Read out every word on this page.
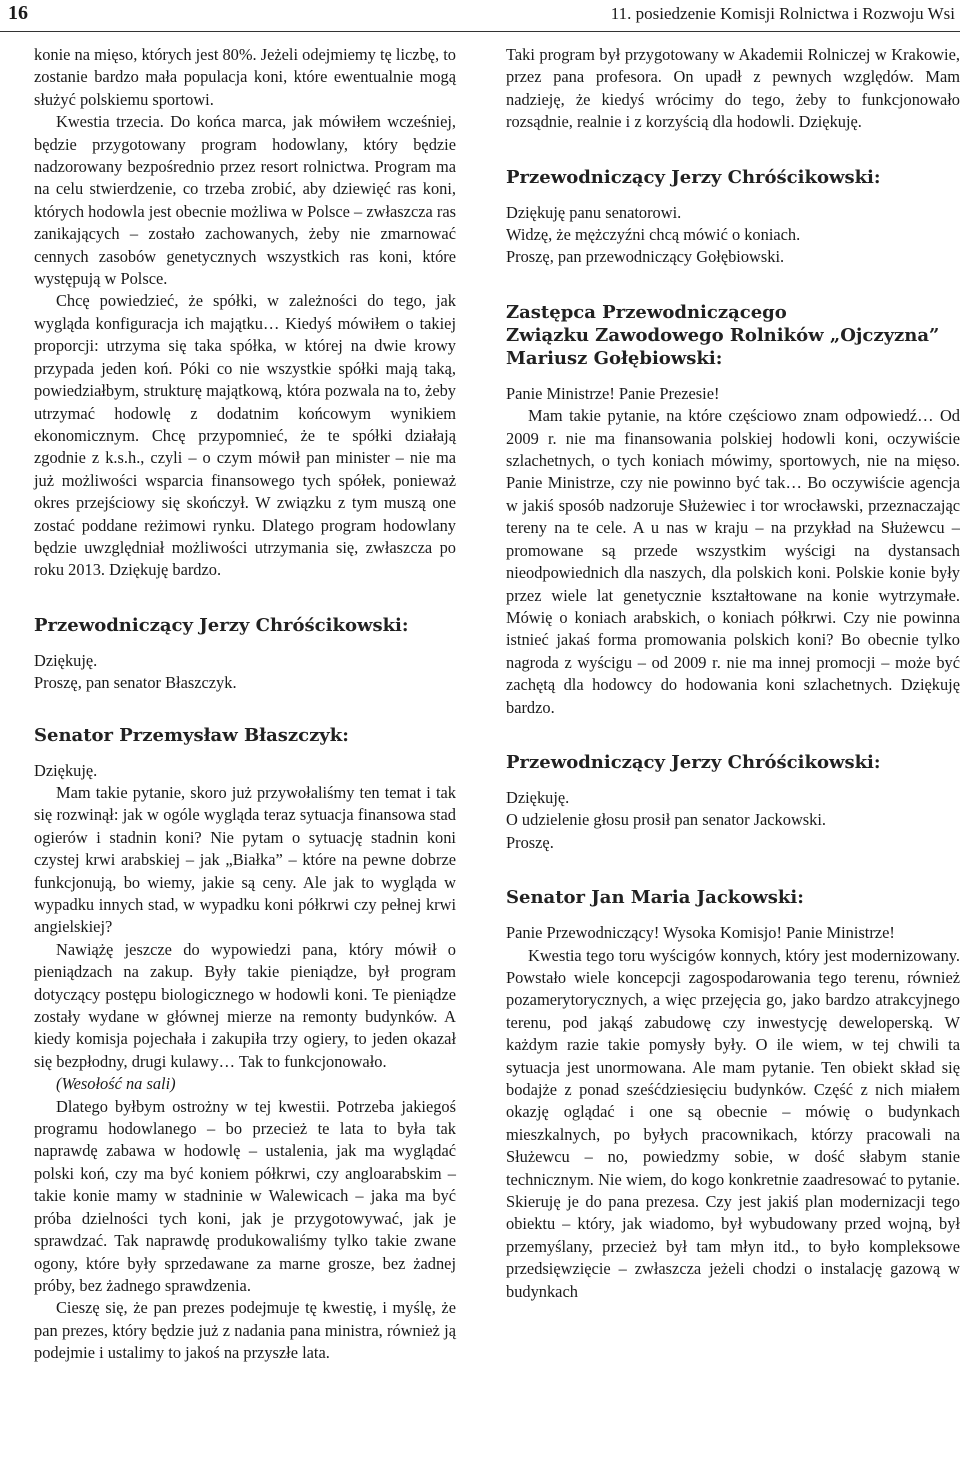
16	11. posiedzenie Komisji Rolnictwa i Rozwoju Wsi

konie na mięso, których jest 80%. Jeżeli odejmiemy tę liczbę, to zostanie bardzo mała populacja koni, które ewentualnie mogą służyć polskiemu sportowi.

Kwestia trzecia. Do końca marca, jak mówiłem wcześniej, będzie przygotowany program hodowlany, który będzie nadzorowany bezpośrednio przez resort rolnictwa. Program ma na celu stwierdzenie, co trzeba zrobić, aby dziewięć ras koni, których hodowla jest obecnie możliwa w Polsce – zwłaszcza ras zanikających – zostało zachowanych, żeby nie zmarnować cennych zasobów genetycznych wszystkich ras koni, które występują w Polsce.

Chcę powiedzieć, że spółki, w zależności do tego, jak wygląda konfiguracja ich majątku… Kiedyś mówiłem o takiej proporcji: utrzyma się taka spółka, w której na dwie krowy przypada jeden koń. Póki co nie wszystkie spółki mają taką, powiedziałbym, strukturę majątkową, która pozwala na to, żeby utrzymać hodowlę z dodatnim końcowym wynikiem ekonomicznym. Chcę przypomnieć, że te spółki działają zgodnie z k.s.h., czyli – o czym mówił pan minister – nie ma już możliwości wsparcia finansowego tych spółek, ponieważ okres przejściowy się skończył. W związku z tym muszą one zostać poddane reżimowi rynku. Dlatego program hodowlany będzie uwzględniał możliwości utrzymania się, zwłaszcza po roku 2013. Dziękuję bardzo.

Przewodniczący Jerzy Chróścikowski:

Dziękuję.

Proszę, pan senator Błaszczyk.

Senator Przemysław Błaszczyk:

Dziękuję.

Mam takie pytanie, skoro już przywołaliśmy ten temat i tak się rozwinął: jak w ogóle wygląda teraz sytuacja finansowa stad ogierów i stadnin koni? Nie pytam o sytuację stadnin koni czystej krwi arabskiej – jak „Białka” – które na pewne dobrze funkcjonują, bo wiemy, jakie są ceny. Ale jak to wygląda w wypadku innych stad, w wypadku koni półkrwi czy pełnej krwi angielskiej?

Nawiążę jeszcze do wypowiedzi pana, który mówił o pieniądzach na zakup. Były takie pieniądze, był program dotyczący postępu biologicznego w hodowli koni. Te pieniądze zostały wydane w głównej mierze na remonty budynków. A kiedy komisja pojechała i zakupiła trzy ogiery, to jeden okazał się bezpłodny, drugi kulawy… Tak to funkcjonowało.

(Wesołość na sali)

Dlatego byłbym ostrożny w tej kwestii. Potrzeba jakiegoś programu hodowlanego – bo przecież te lata to była tak naprawdę zabawa w hodowlę – ustalenia, jak ma wyglądać polski koń, czy ma być koniem półkrwi, czy angloarabskim – takie konie mamy w stadninie w Walewicach – jaka ma być próba dzielności tych koni, jak je przygotowywać, jak je sprawdzać. Tak naprawdę produkowaliśmy tylko takie zwane ogony, które były sprzedawane za marne grosze, bez żadnej próby, bez żadnego sprawdzenia.

Cieszę się, że pan prezes podejmuje tę kwestię, i myślę, że pan prezes, który będzie już z nadania pana ministra, również ją podejmie i ustalimy to jakoś na przyszłe lata.

Taki program był przygotowany w Akademii Rolniczej w Krakowie, przez pana profesora. On upadł z pewnych względów. Mam nadzieję, że kiedyś wrócimy do tego, żeby to funkcjonowało rozsądnie, realnie i z korzyścią dla hodowli. Dziękuję.

Przewodniczący Jerzy Chróścikowski:

Dziękuję panu senatorowi.

Widzę, że mężczyźni chcą mówić o koniach.

Proszę, pan przewodniczący Gołębiowski.

Zastępca Przewodniczącego
Związku Zawodowego Rolników „Ojczyzna”
Mariusz Gołębiowski:

Panie Ministrze! Panie Prezesie!

Mam takie pytanie, na które częściowo znam odpowiedź… Od 2009 r. nie ma finansowania polskiej hodowli koni, oczywiście szlachetnych, o tych koniach mówimy, sportowych, nie na mięso. Panie Ministrze, czy nie powinno być tak… Bo oczywiście agencja w jakiś sposób nadzoruje Służewiec i tor wrocławski, przeznaczając tereny na te cele. A u nas w kraju – na przykład na Służewcu – promowane są przede wszystkim wyścigi na dystansach nieodpowiednich dla naszych, dla polskich koni. Polskie konie były przez wiele lat genetycznie kształtowane na konie wytrzymałe. Mówię o koniach arabskich, o koniach półkrwi. Czy nie powinna istnieć jakaś forma promowania polskich koni? Bo obecnie tylko nagroda z wyścigu – od 2009 r. nie ma innej promocji – może być zachętą dla hodowcy do hodowania koni szlachetnych. Dziękuję bardzo.

Przewodniczący Jerzy Chróścikowski:

Dziękuję.

O udzielenie głosu prosił pan senator Jackowski.

Proszę.

Senator Jan Maria Jackowski:

Panie Przewodniczący! Wysoka Komisjo! Panie Ministrze!

Kwestia tego toru wyścigów konnych, który jest modernizowany. Powstało wiele koncepcji zagospodarowania tego terenu, również pozamerytorycznych, a więc przejęcia go, jako bardzo atrakcyjnego terenu, pod jakąś zabudowę czy inwestycję deweloperską. W każdym razie takie pomysły były. O ile wiem, w tej chwili ta sytuacja jest unormowana. Ale mam pytanie. Ten obiekt skład się bodajże z ponad sześćdziesięciu budynków. Część z nich miałem okazję oglądać i one są obecnie – mówię o budynkach mieszkalnych, po byłych pracownikach, którzy pracowali na Służewcu – no, powiedzmy sobie, w dość słabym stanie technicznym. Nie wiem, do kogo konkretnie zaadresować to pytanie. Skieruję je do pana prezesa. Czy jest jakiś plan modernizacji tego obiektu – który, jak wiadomo, był wybudowany przed wojną, był przemyślany, przecież był tam młyn itd., to było kompleksowe przedsięwzięcie – zwłaszcza jeżeli chodzi o instalację gazową w budynkach
